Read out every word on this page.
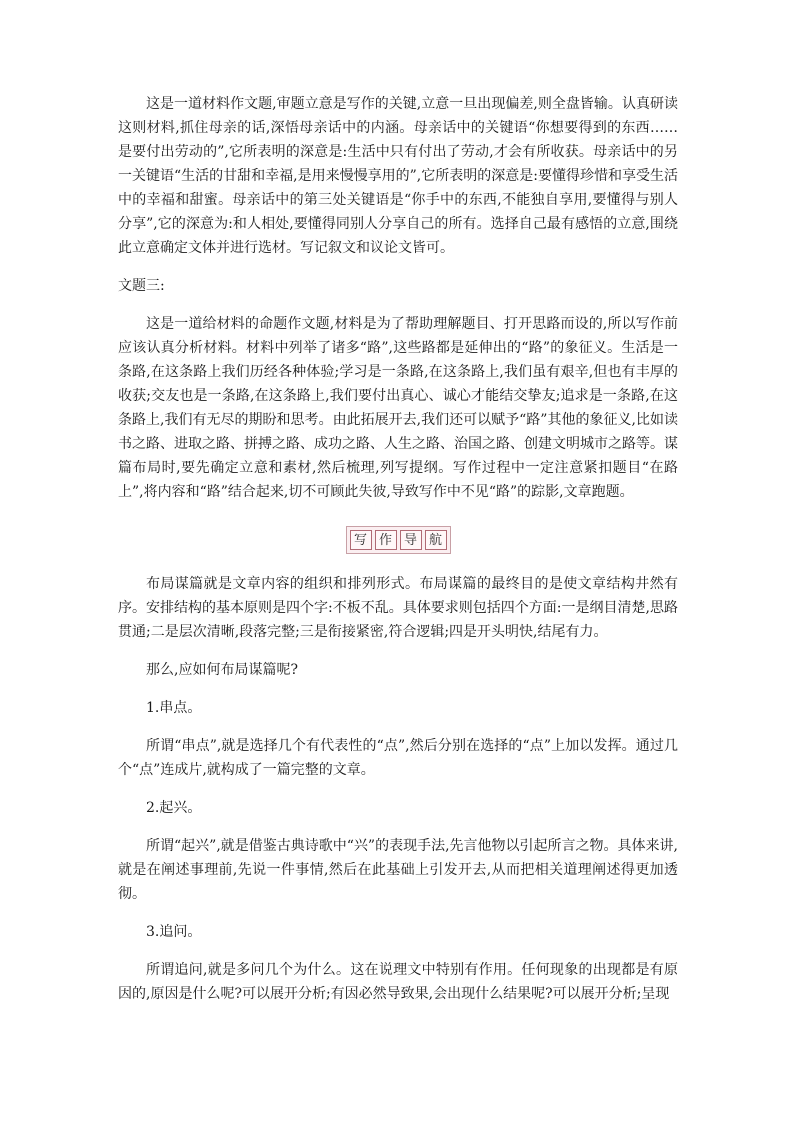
这是一道材料作文题,审题立意是写作的关键,立意一旦出现偏差,则全盘皆输。认真研读这则材料,抓住母亲的话,深悟母亲话中的内涵。母亲话中的关键语“你想要得到的东西……是要付出劳动的”,它所表明的深意是:生活中只有付出了劳动,才会有所收获。母亲话中的另一关键语“生活的甘甜和幸福,是用来慢慢享用的”,它所表明的深意是:要懂得珍惜和享受生活中的幸福和甜蜜。母亲话中的第三处关键语是“你手中的东西,不能独自享用,要懂得与别人分享”,它的深意为:和人相处,要懂得同别人分享自己的所有。选择自己最有感悟的立意,围绕此立意确定文体并进行选材。写记叙文和议论文皆可。

文题三:

这是一道给材料的命题作文题,材料是为了帮助理解题目、打开思路而设的,所以写作前应该认真分析材料。材料中列举了诸多“路”,这些路都是延伸出的“路”的象征义。生活是一条路,在这条路上我们历经各种体验;学习是一条路,在这条路上,我们虽有艰辛,但也有丰厚的收获;交友也是一条路,在这条路上,我们要付出真心、诚心才能结交挚友;追求是一条路,在这条路上,我们有无尽的期盼和思考。由此拓展开去,我们还可以赋予“路”其他的象征义,比如读书之路、进取之路、拼搏之路、成功之路、人生之路、治国之路、创建文明城市之路等。谋篇布局时,要先确定立意和素材,然后梳理,列写提纲。写作过程中一定注意紧扣题目“在路上”,将内容和“路”结合起来,切不可顾此失彼,导致写作中不见“路”的踪影,文章跑题。

写 作 导 航

布局谋篇就是文章内容的组织和排列形式。布局谋篇的最终目的是使文章结构井然有序。安排结构的基本原则是四个字:不板不乱。具体要求则包括四个方面:一是纲目清楚,思路贯通;二是层次清晰,段落完整;三是衔接紧密,符合逻辑;四是开头明快,结尾有力。

那么,应如何布局谋篇呢?

1.串点。

所谓“串点”,就是选择几个有代表性的“点”,然后分别在选择的“点”上加以发挥。通过几个“点”连成片,就构成了一篇完整的文章。

2.起兴。

所谓“起兴”,就是借鉴古典诗歌中“兴”的表现手法,先言他物以引起所言之物。具体来讲,就是在阐述事理前,先说一件事情,然后在此基础上引发开去,从而把相关道理阐述得更加透彻。

3.追问。

所谓追问,就是多问几个为什么。这在说理文中特别有作用。任何现象的出现都是有原因的,原因是什么呢?可以展开分析;有因必然导致果,会出现什么结果呢?可以展开分析;呈现
